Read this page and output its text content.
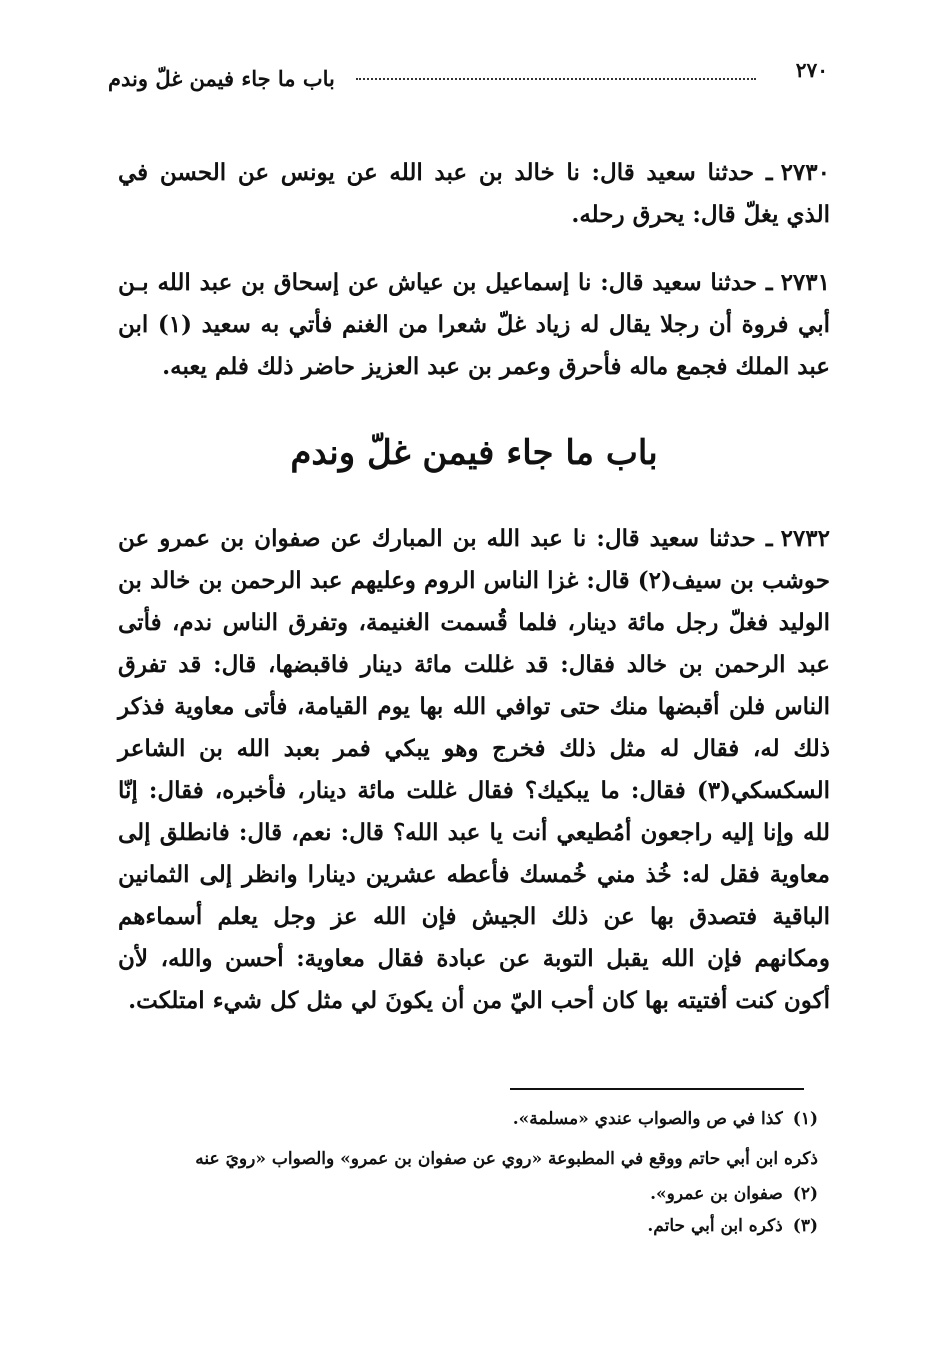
٢٧٠
باب ما جاء فيمن غلّ وندم
٢٧٣٠ـ حدثنا سعيد قال: نا خالد بن عبد الله عن يونس عن الحسن في الذي يغلّ قال: يحرق رحله.
٢٧٣١ـ حدثنا سعيد قال: نا إسماعيل بن عياش عن إسحاق بن عبد الله بـن أبي فروة أن رجلا يقال له زياد غلّ شعرا من الغنم فأتي به سعيد (١) ابن عبد الملك فجمع ماله فأحرق وعمر بن عبد العزيز حاضر ذلك فلم يعبه.
باب ما جاء فيمن غلّ وندم
٢٧٣٢ـ حدثنا سعيد قال: نا عبد الله بن المبارك عن صفوان بن عمرو عن حوشب بن سيف(٢) قال: غزا الناس الروم وعليهم عبد الرحمن بن خالد بن الوليد فغلّ رجل مائة دينار، فلما قُسمت الغنيمة، وتفرق الناس ندم، فأتى عبد الرحمن بن خالد فقال: قد غللت مائة دينار فاقبضها، قال: قد تفرق الناس فلن أقبضها منك حتى توافي الله بها يوم القيامة، فأتى معاوية فذكر ذلك له، فقال له مثل ذلك فخرج وهو يبكي فمر بعبد الله بن الشاعر السكسكي(٣) فقال: ما يبكيك؟ فقال غللت مائة دينار، فأخبره، فقال: إنّا لله وإنا إليه راجعون أمُطيعي أنت يا عبد الله؟ قال: نعم، قال: فانطلق إلى معاوية فقل له: خُذ مني خُمسك فأعطه عشرين دينارا وانظر إلى الثمانين الباقية فتصدق بها عن ذلك الجيش فإن الله عز وجل يعلم أسماءهم ومكانهم فإن الله يقبل التوبة عن عبادة فقال معاوية: أحسن والله، لأن أكون كنت أفتيته بها كان أحب اليّ من أن يكونَ لي مثل كل شيء امتلكت.
(١)كذا في ص والصواب عندي «مسلمة».
ذكره ابن أبي حاتم ووقع في المطبوعة «روي عن صفوان بن عمرو» والصواب «رويَ عنه
(٢)صفوان بن عمرو».
(٣)ذكره ابن أبي حاتم.
